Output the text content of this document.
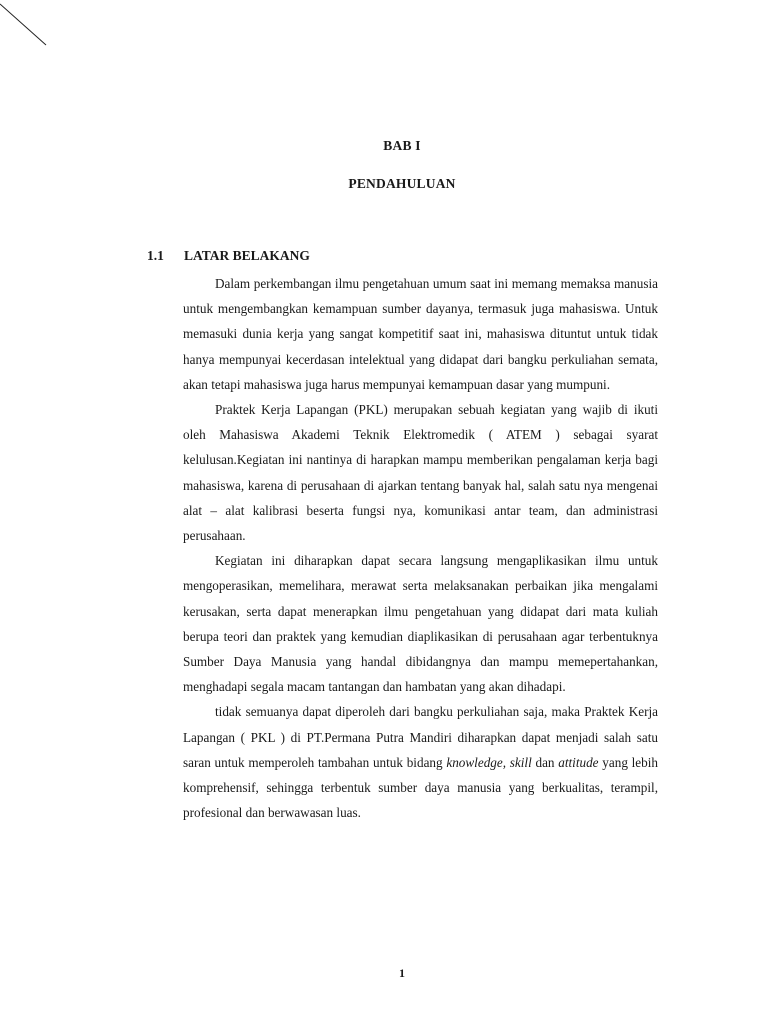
BAB I
PENDAHULUAN
1.1 LATAR BELAKANG

Dalam perkembangan ilmu pengetahuan umum saat ini memang memaksa manusia untuk mengembangkan kemampuan sumber dayanya, termasuk juga mahasiswa. Untuk memasuki dunia kerja yang sangat kompetitif saat ini, mahasiswa dituntut untuk tidak hanya mempunyai kecerdasan intelektual yang didapat dari bangku perkuliahan semata, akan tetapi mahasiswa juga harus mempunyai kemampuan dasar yang mumpuni.

Praktek Kerja Lapangan (PKL) merupakan sebuah kegiatan yang wajib di ikuti oleh Mahasiswa Akademi Teknik Elektromedik ( ATEM ) sebagai syarat kelulusan.Kegiatan ini nantinya di harapkan mampu memberikan pengalaman kerja bagi mahasiswa, karena di perusahaan di ajarkan tentang banyak hal, salah satu nya mengenai alat – alat kalibrasi beserta fungsi nya, komunikasi antar team, dan administrasi perusahaan.

Kegiatan ini diharapkan dapat secara langsung mengaplikasikan ilmu untuk mengoperasikan, memelihara, merawat serta melaksanakan perbaikan jika mengalami kerusakan, serta dapat menerapkan ilmu pengetahuan yang didapat dari mata kuliah berupa teori dan praktek yang kemudian diaplikasikan di perusahaan agar terbentuknya Sumber Daya Manusia yang handal dibidangnya dan mampu memepertahankan, menghadapi segala macam tantangan dan hambatan yang akan dihadapi.

tidak semuanya dapat diperoleh dari bangku perkuliahan saja, maka Praktek Kerja Lapangan ( PKL ) di PT.Permana Putra Mandiri diharapkan dapat menjadi salah satu saran untuk memperoleh tambahan untuk bidang knowledge, skill dan attitude yang lebih komprehensif, sehingga terbentuk sumber daya manusia yang berkualitas, terampil, profesional dan berwawasan luas.

1
